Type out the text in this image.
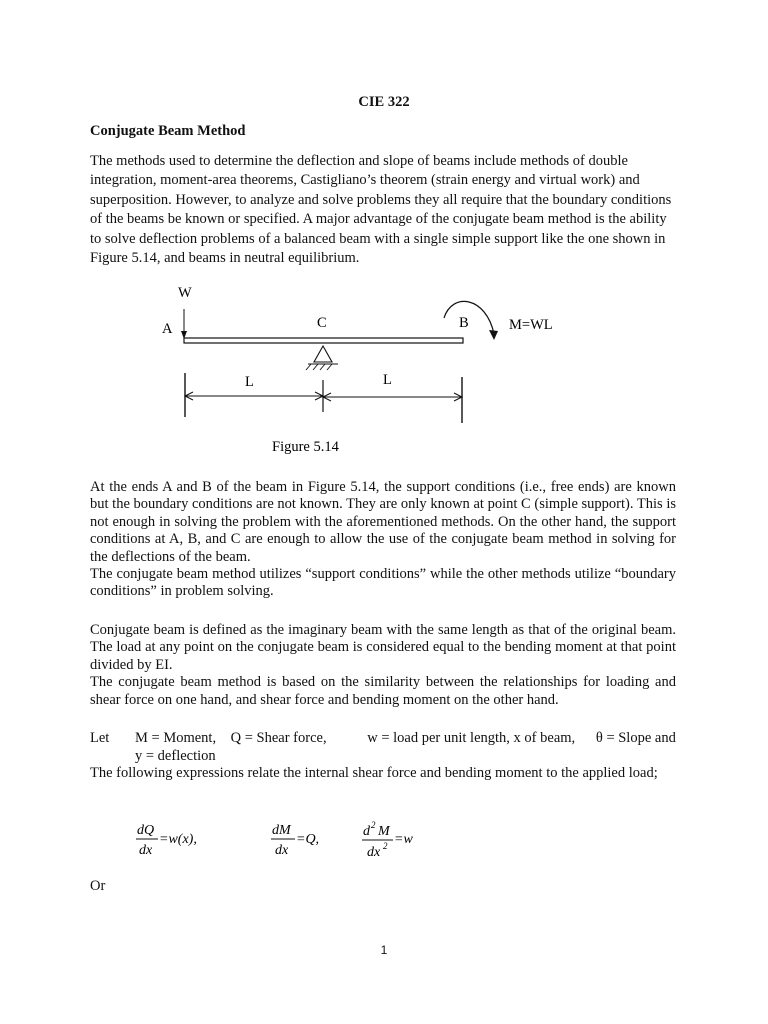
CIE 322
Conjugate Beam Method
The methods used to determine the deflection and slope of beams include methods of double integration, moment-area theorems, Castigliano’s theorem (strain energy and virtual work) and superposition. However, to analyze and solve problems they all require that the boundary conditions of the beams be known or specified. A major advantage of the conjugate beam method is the ability to solve deflection problems of a balanced beam with a single simple support like the one shown in Figure 5.14, and beams in neutral equilibrium.
W
A	C	B	M=WL
L	L
Figure 5.14
At the ends A and B of the beam in Figure 5.14, the support conditions (i.e., free ends) are known but the boundary conditions are not known. They are only known at point C (simple support). This is not enough in solving the problem with the aforementioned methods. On the other hand, the support conditions at A, B, and C are enough to allow the use of the conjugate beam method in solving for the deflections of the beam.
The conjugate beam method utilizes “support conditions” while the other methods utilize “boundary conditions” in problem solving.
Conjugate beam is defined as the imaginary beam with the same length as that of the original beam. The load at any point on the conjugate beam is considered equal to the bending moment at that point divided by EI.
The conjugate beam method is based on the similarity between the relationships for loading and shear force on one hand, and shear force and bending moment on the other hand.
Let M = Moment, Q = Shear force,	w = load per unit length, x of beam, θ = Slope and
y = deflection
The following expressions relate the internal shear force and bending moment to the applied load;
dQ
dx
=w(x),
dM
dx
=Q,
d 2 M
dx 2 =w
Or
1
